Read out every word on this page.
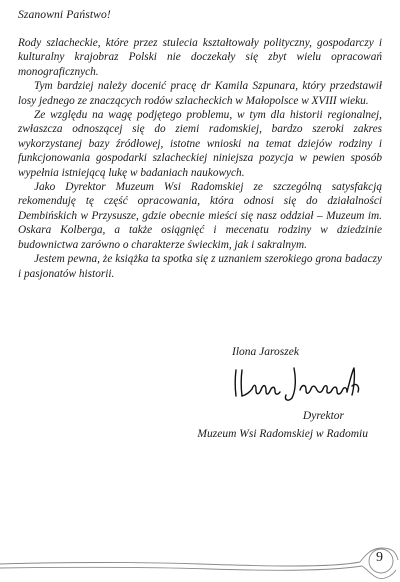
Szanowni Państwo!

Rody szlacheckie, które przez stulecia kształtowały polityczny, gospodarczy i kulturalny krajobraz Polski nie doczekały się zbyt wielu opracowań monograficznych.

Tym bardziej należy docenić pracę dr Kamila Szpunara, który przedstawił losy jednego ze znaczących rodów szlacheckich w Małopolsce w XVIII wieku.

Ze względu na wagę podjętego problemu, w tym dla historii regionalnej, zwłaszcza odnoszącej się do ziemi radomskiej, bardzo szeroki zakres wykorzystanej bazy źródłowej, istotne wnioski na temat dziejów rodziny i funkcjonowania gospodarki szlacheckiej niniejsza pozycja w pewien sposób wypełnia istniejącą lukę w badaniach naukowych.

Jako Dyrektor Muzeum Wsi Radomskiej ze szczególną satysfakcją rekomenduję tę część opracowania, która odnosi się do działalności Dembińskich w Przysusze, gdzie obecnie mieści się nasz oddział – Muzeum im. Oskara Kolberga, a także osiągnięć i mecenatu rodziny w dziedzinie budownictwa zarówno o charakterze świeckim, jak i sakralnym.

Jestem pewna, że książka ta spotka się z uznaniem szerokiego grona badaczy i pasjonatów historii.

Ilona Jaroszek
Dyrektor
Muzeum Wsi Radomskiej w Radomiu
9
